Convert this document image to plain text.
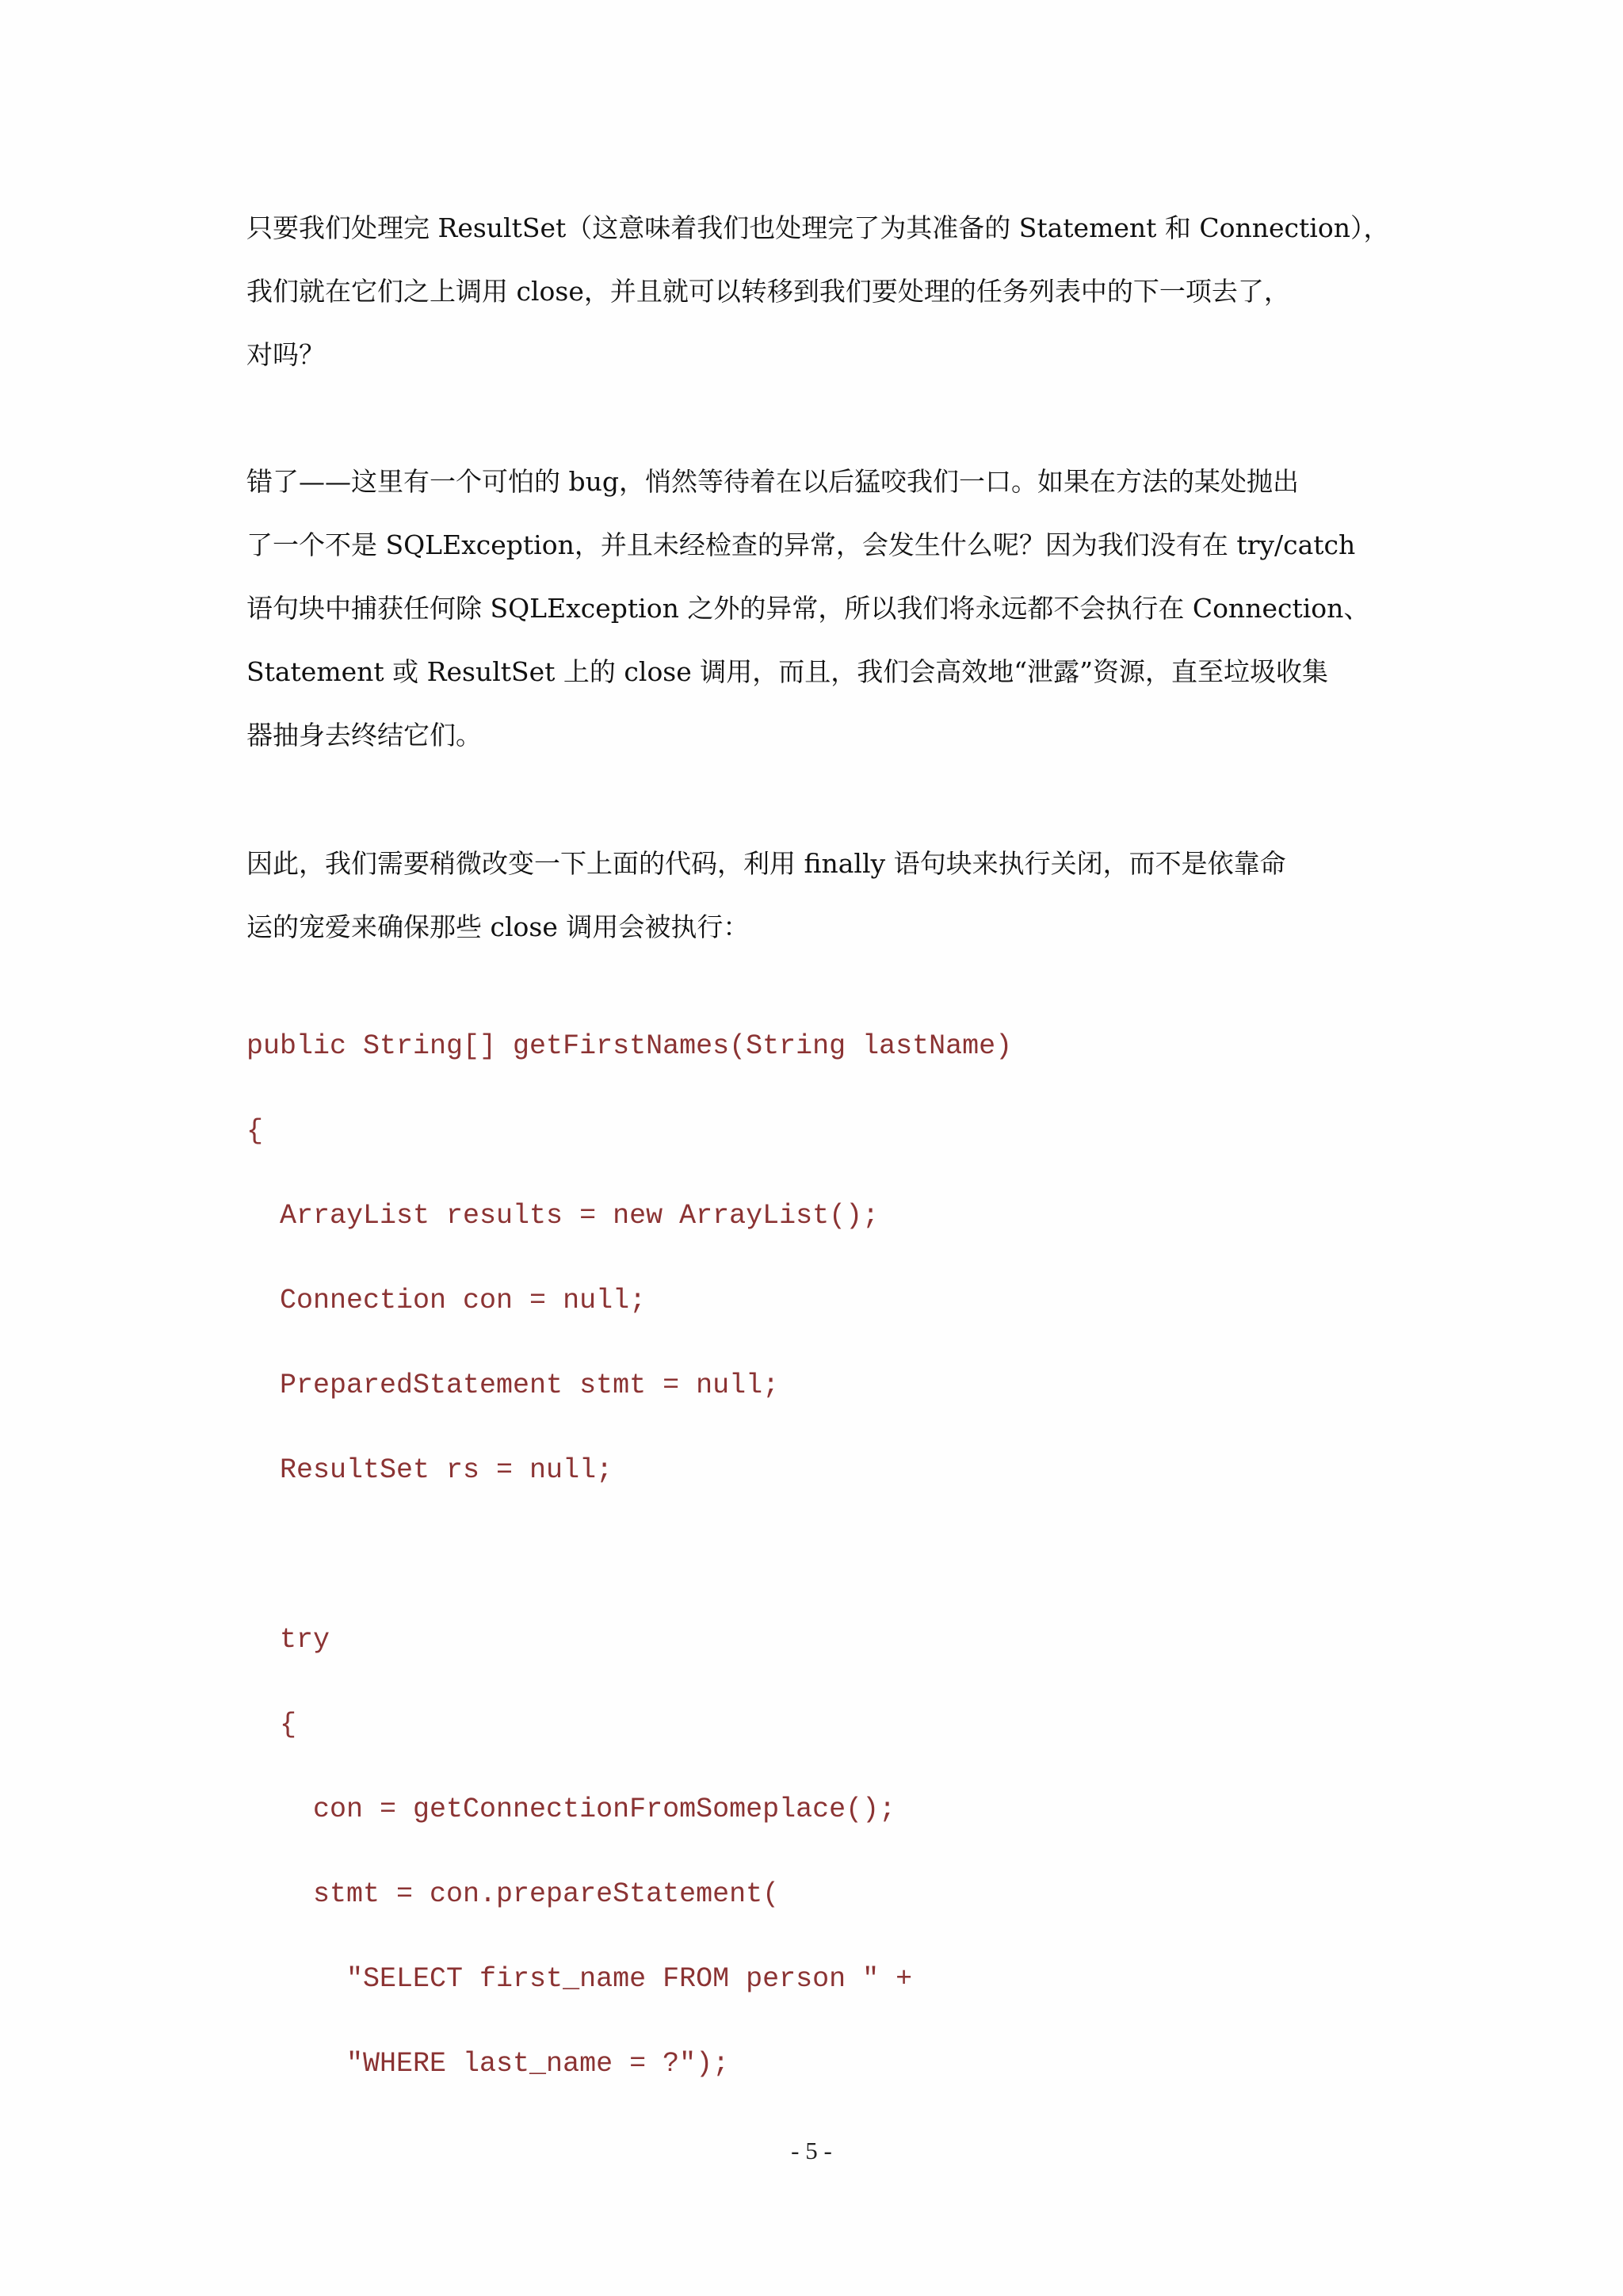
只要我们处理完 ResultSet（这意味着我们也处理完了为其准备的 Statement 和 Connection），
我们就在它们之上调用 close，并且就可以转移到我们要处理的任务列表中的下一项去了，
对吗？
错了——这里有一个可怕的 bug，悄然等待着在以后猛咬我们一口。如果在方法的某处抛出
了一个不是 SQLException，并且未经检查的异常，会发生什么呢？因为我们没有在 try/catch
语句块中捕获任何除 SQLException 之外的异常，所以我们将永远都不会执行在 Connection、
Statement 或 ResultSet 上的 close 调用，而且，我们会高效地“泄露”资源，直至垃圾收集
器抽身去终结它们。
因此，我们需要稍微改变一下上面的代码，利用 finally 语句块来执行关闭，而不是依靠命
运的宠爱来确保那些 close 调用会被执行：

public String[] getFirstNames(String lastName)

{

ArrayList results = new ArrayList();

Connection con = null;

PreparedStatement stmt = null;

ResultSet rs = null;

try

{

con = getConnectionFromSomeplace();

stmt = con.prepareStatement(

"SELECT first_name FROM person " +

"WHERE last_name = ?");

- 5 -
